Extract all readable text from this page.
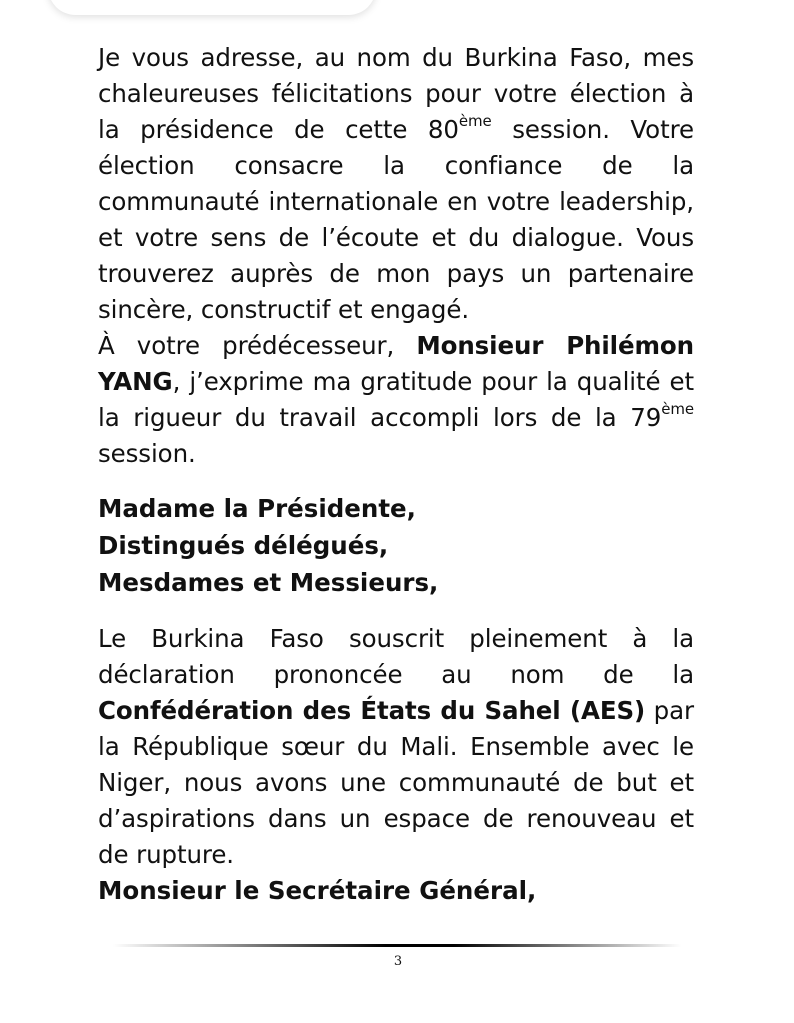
Je vous adresse, au nom du Burkina Faso, mes chaleureuses félicitations pour votre élection à la présidence de cette 80ème session. Votre élection consacre la confiance de la communauté internationale en votre leadership, et votre sens de l’écoute et du dialogue. Vous trouverez auprès de mon pays un partenaire sincère, constructif et engagé.

À votre prédécesseur, Monsieur Philémon YANG, j’exprime ma gratitude pour la qualité et la rigueur du travail accompli lors de la 79ème session.

Madame la Présidente,
Distingués délégués,
Mesdames et Messieurs,

Le Burkina Faso souscrit pleinement à la déclaration prononcée au nom de la Confédération des États du Sahel (AES) par la République sœur du Mali. Ensemble avec le Niger, nous avons une communauté de but et d’aspirations dans un espace de renouveau et de rupture.

Monsieur le Secrétaire Général,
3
